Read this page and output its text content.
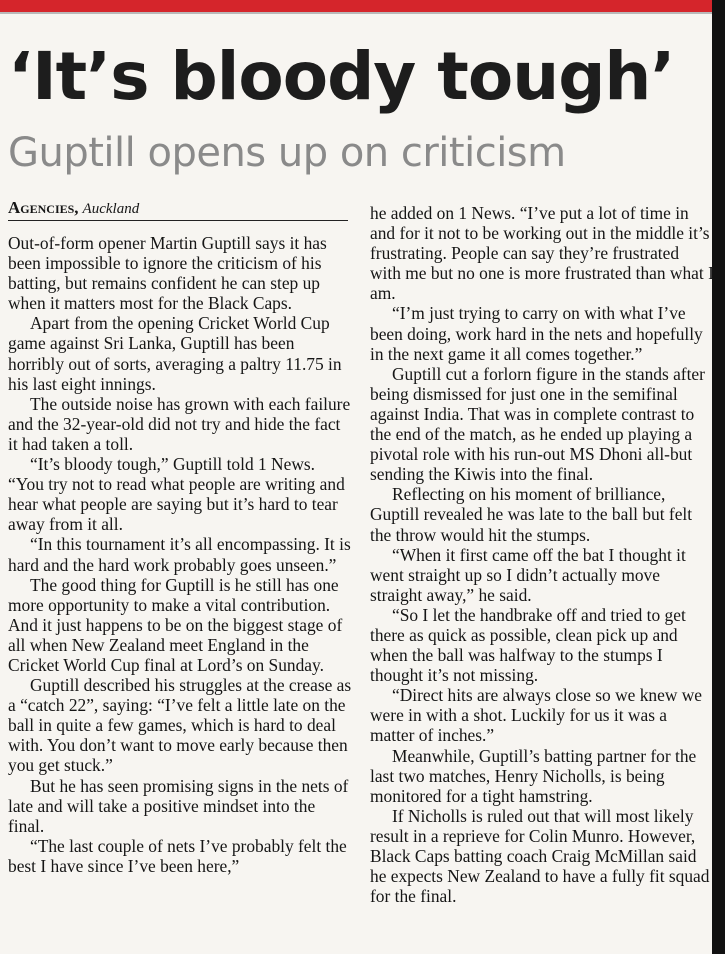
‘It’s bloody tough’
Guptill opens up on criticism
Agencies, Auckland

Out-of-form opener Martin Guptill says it has been impossible to ignore the criticism of his batting, but remains confident he can step up when it matters most for the Black Caps.

Apart from the opening Cricket World Cup game against Sri Lanka, Guptill has been horribly out of sorts, averaging a paltry 11.75 in his last eight innings.

The outside noise has grown with each failure and the 32-year-old did not try and hide the fact it had taken a toll.

“It’s bloody tough,” Guptill told 1 News. “You try not to read what people are writing and hear what people are saying but it’s hard to tear away from it all.

“In this tournament it’s all encompassing. It is hard and the hard work probably goes unseen.”

The good thing for Guptill is he still has one more opportunity to make a vital contribution. And it just happens to be on the biggest stage of all when New Zealand meet England in the Cricket World Cup final at Lord’s on Sunday.

Guptill described his struggles at the crease as a “catch 22”, saying: “I’ve felt a little late on the ball in quite a few games, which is hard to deal with. You don’t want to move early because then you get stuck.”

But he has seen promising signs in the nets of late and will take a positive mindset into the final.

“The last couple of nets I’ve probably felt the best I have since I’ve been here,”

he added on 1 News. “I’ve put a lot of time in and for it not to be working out in the middle it’s frustrating. People can say they’re frustrated with me but no one is more frustrated than what I am.

“I’m just trying to carry on with what I’ve been doing, work hard in the nets and hopefully in the next game it all comes together.”

Guptill cut a forlorn figure in the stands after being dismissed for just one in the semifinal against India. That was in complete contrast to the end of the match, as he ended up playing a pivotal role with his run-out MS Dhoni all-but sending the Kiwis into the final.

Reflecting on his moment of brilliance, Guptill revealed he was late to the ball but felt the throw would hit the stumps.

“When it first came off the bat I thought it went straight up so I didn’t actually move straight away,” he said.

“So I let the handbrake off and tried to get there as quick as possible, clean pick up and when the ball was halfway to the stumps I thought it’s not missing.

“Direct hits are always close so we knew we were in with a shot. Luckily for us it was a matter of inches.”

Meanwhile, Guptill’s batting partner for the last two matches, Henry Nicholls, is being monitored for a tight hamstring.

If Nicholls is ruled out that will most likely result in a reprieve for Colin Munro. However, Black Caps batting coach Craig McMillan said he expects New Zealand to have a fully fit squad for the final.
